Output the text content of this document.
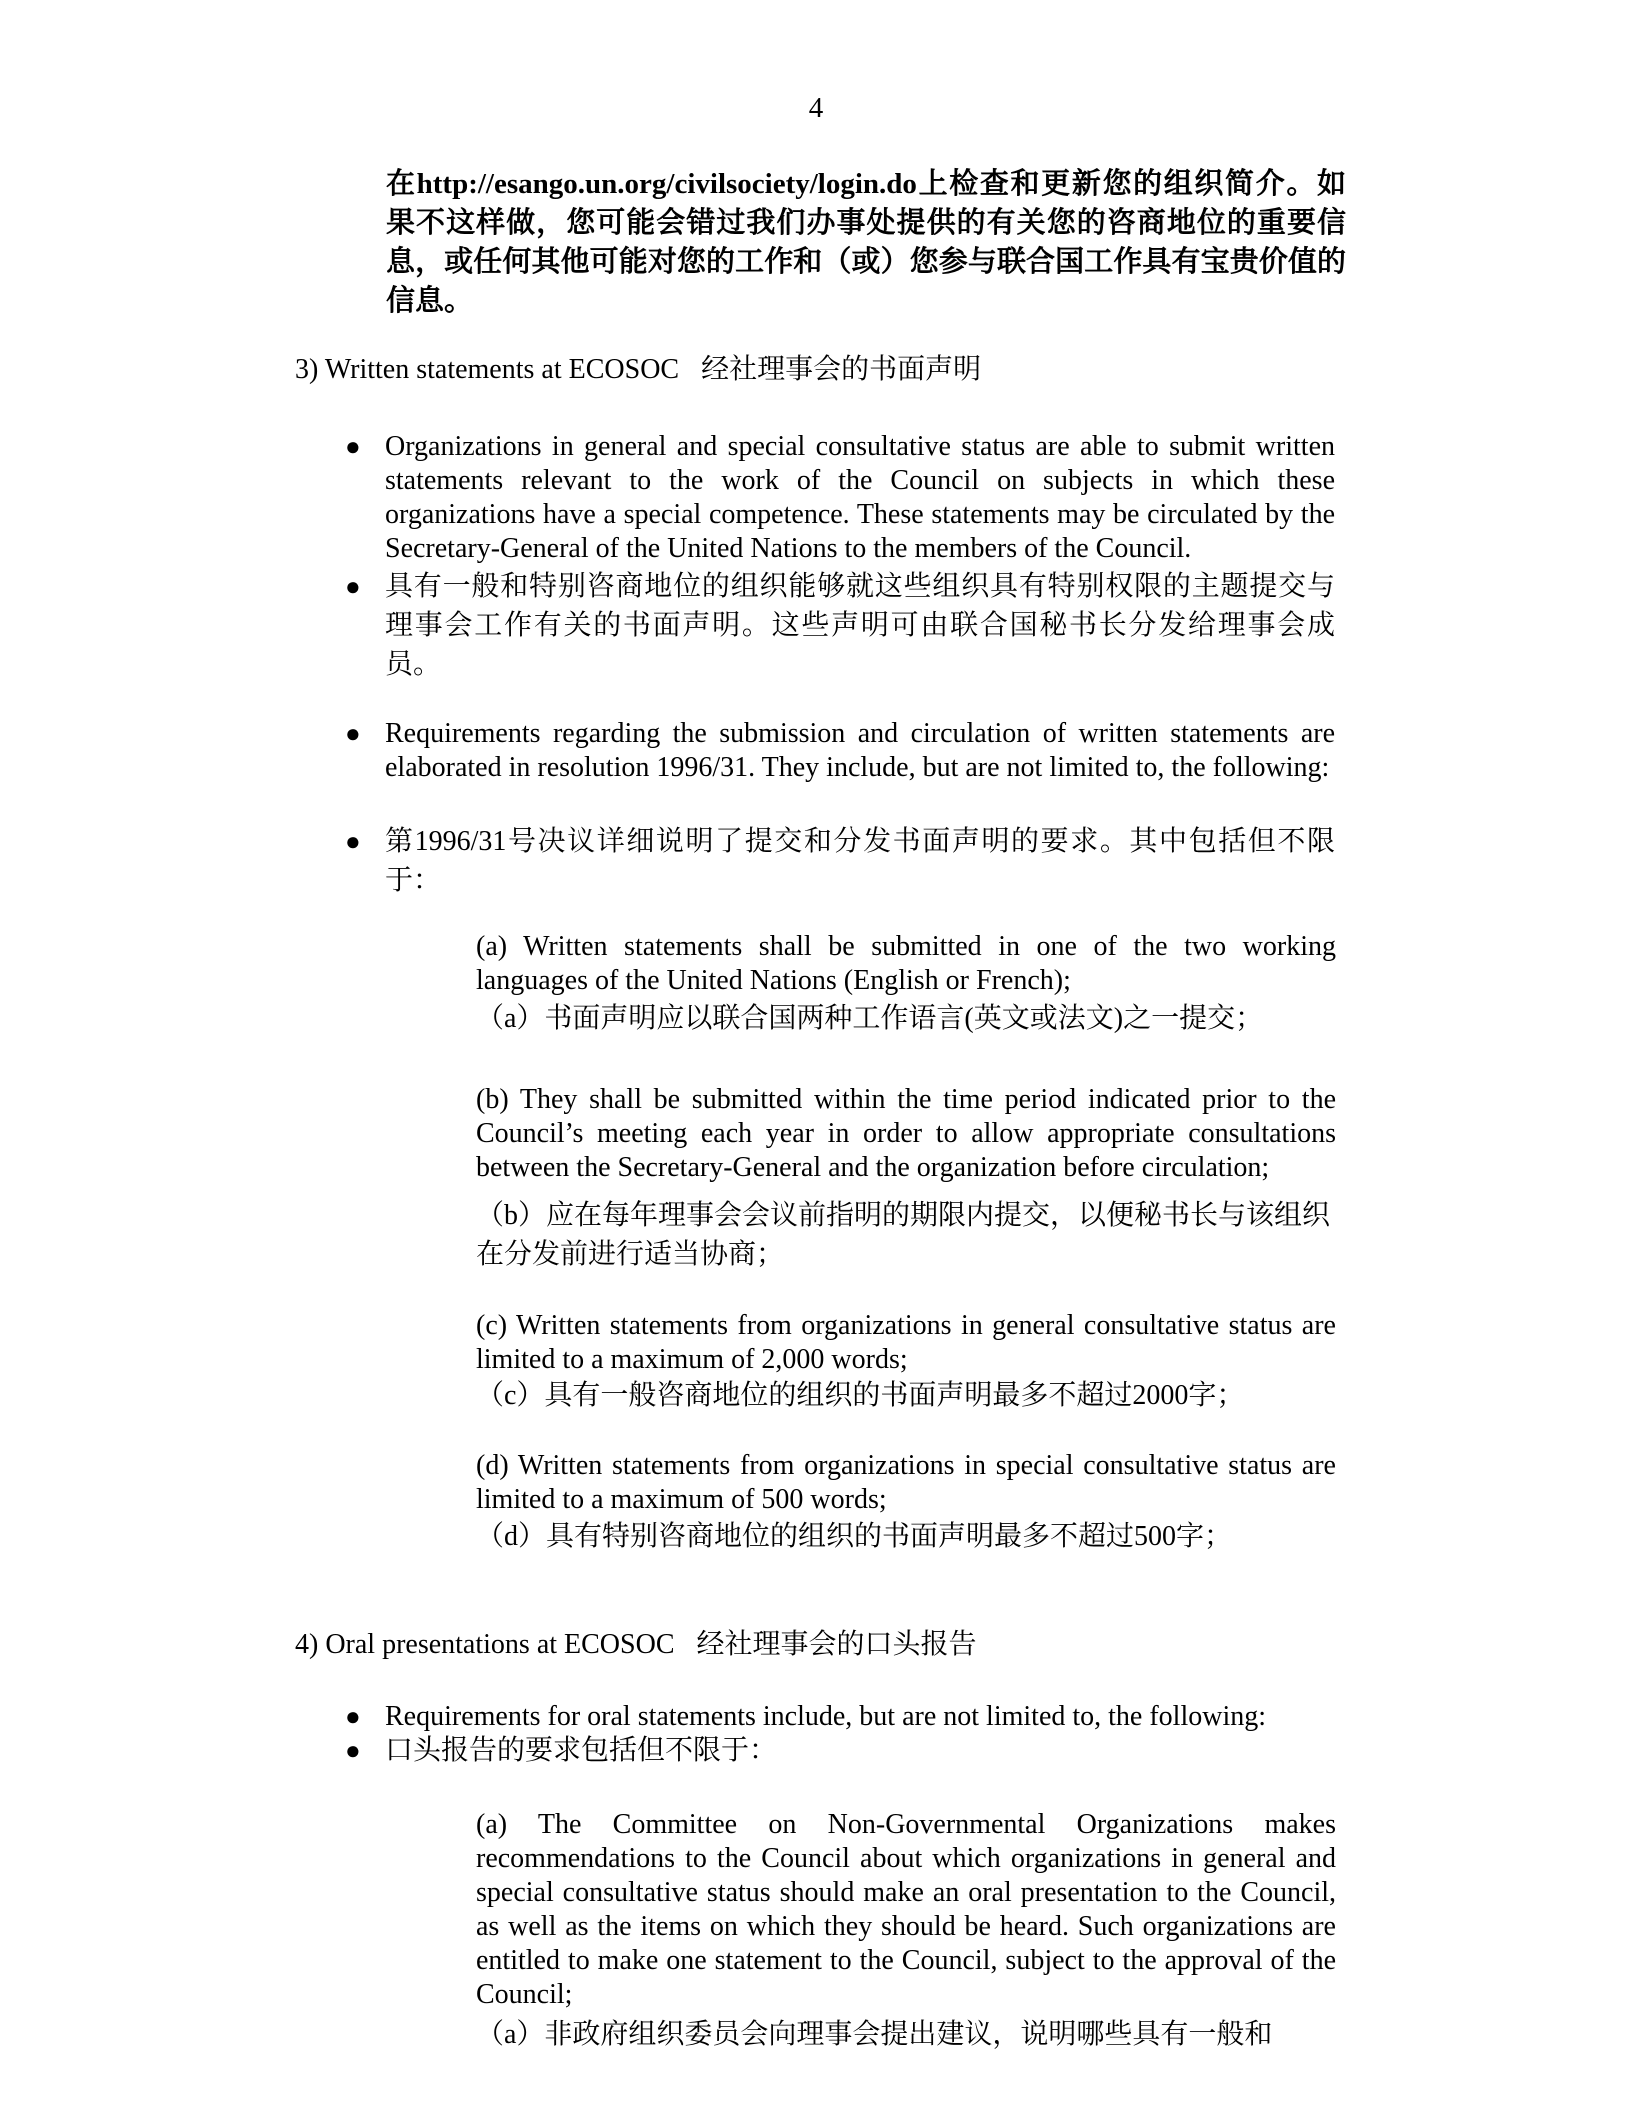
4
在http://esango.un.org/civilsociety/login.do上检查和更新您的组织简介。如果不这样做，您可能会错过我们办事处提供的有关您的咨商地位的重要信息，或任何其他可能对您的工作和（或）您参与联合国工作具有宝贵价值的信息。
3) Written statements at ECOSOC 经社理事会的书面声明
● Organizations in general and special consultative status are able to submit written statements relevant to the work of the Council on subjects in which these organizations have a special competence. These statements may be circulated by the Secretary-General of the United Nations to the members of the Council.
● 具有一般和特别咨商地位的组织能够就这些组织具有特别权限的主题提交与理事会工作有关的书面声明。这些声明可由联合国秘书长分发给理事会成员。
● Requirements regarding the submission and circulation of written statements are elaborated in resolution 1996/31. They include, but are not limited to, the following:
● 第1996/31号决议详细说明了提交和分发书面声明的要求。其中包括但不限于：
(a) Written statements shall be submitted in one of the two working languages of the United Nations (English or French);
（a）书面声明应以联合国两种工作语言(英文或法文)之一提交；
(b) They shall be submitted within the time period indicated prior to the Council’s meeting each year in order to allow appropriate consultations between the Secretary-General and the organization before circulation;
（b）应在每年理事会会议前指明的期限内提交，以便秘书长与该组织在分发前进行适当协商；
(c) Written statements from organizations in general consultative status are limited to a maximum of 2,000 words;
（c）具有一般咨商地位的组织的书面声明最多不超过2000字；
(d) Written statements from organizations in special consultative status are limited to a maximum of 500 words;
（d）具有特别咨商地位的组织的书面声明最多不超过500字；
4) Oral presentations at ECOSOC 经社理事会的口头报告
● Requirements for oral statements include, but are not limited to, the following:
● 口头报告的要求包括但不限于：
(a) The Committee on Non-Governmental Organizations makes recommendations to the Council about which organizations in general and special consultative status should make an oral presentation to the Council, as well as the items on which they should be heard. Such organizations are entitled to make one statement to the Council, subject to the approval of the Council;
（a）非政府组织委员会向理事会提出建议，说明哪些具有一般和
